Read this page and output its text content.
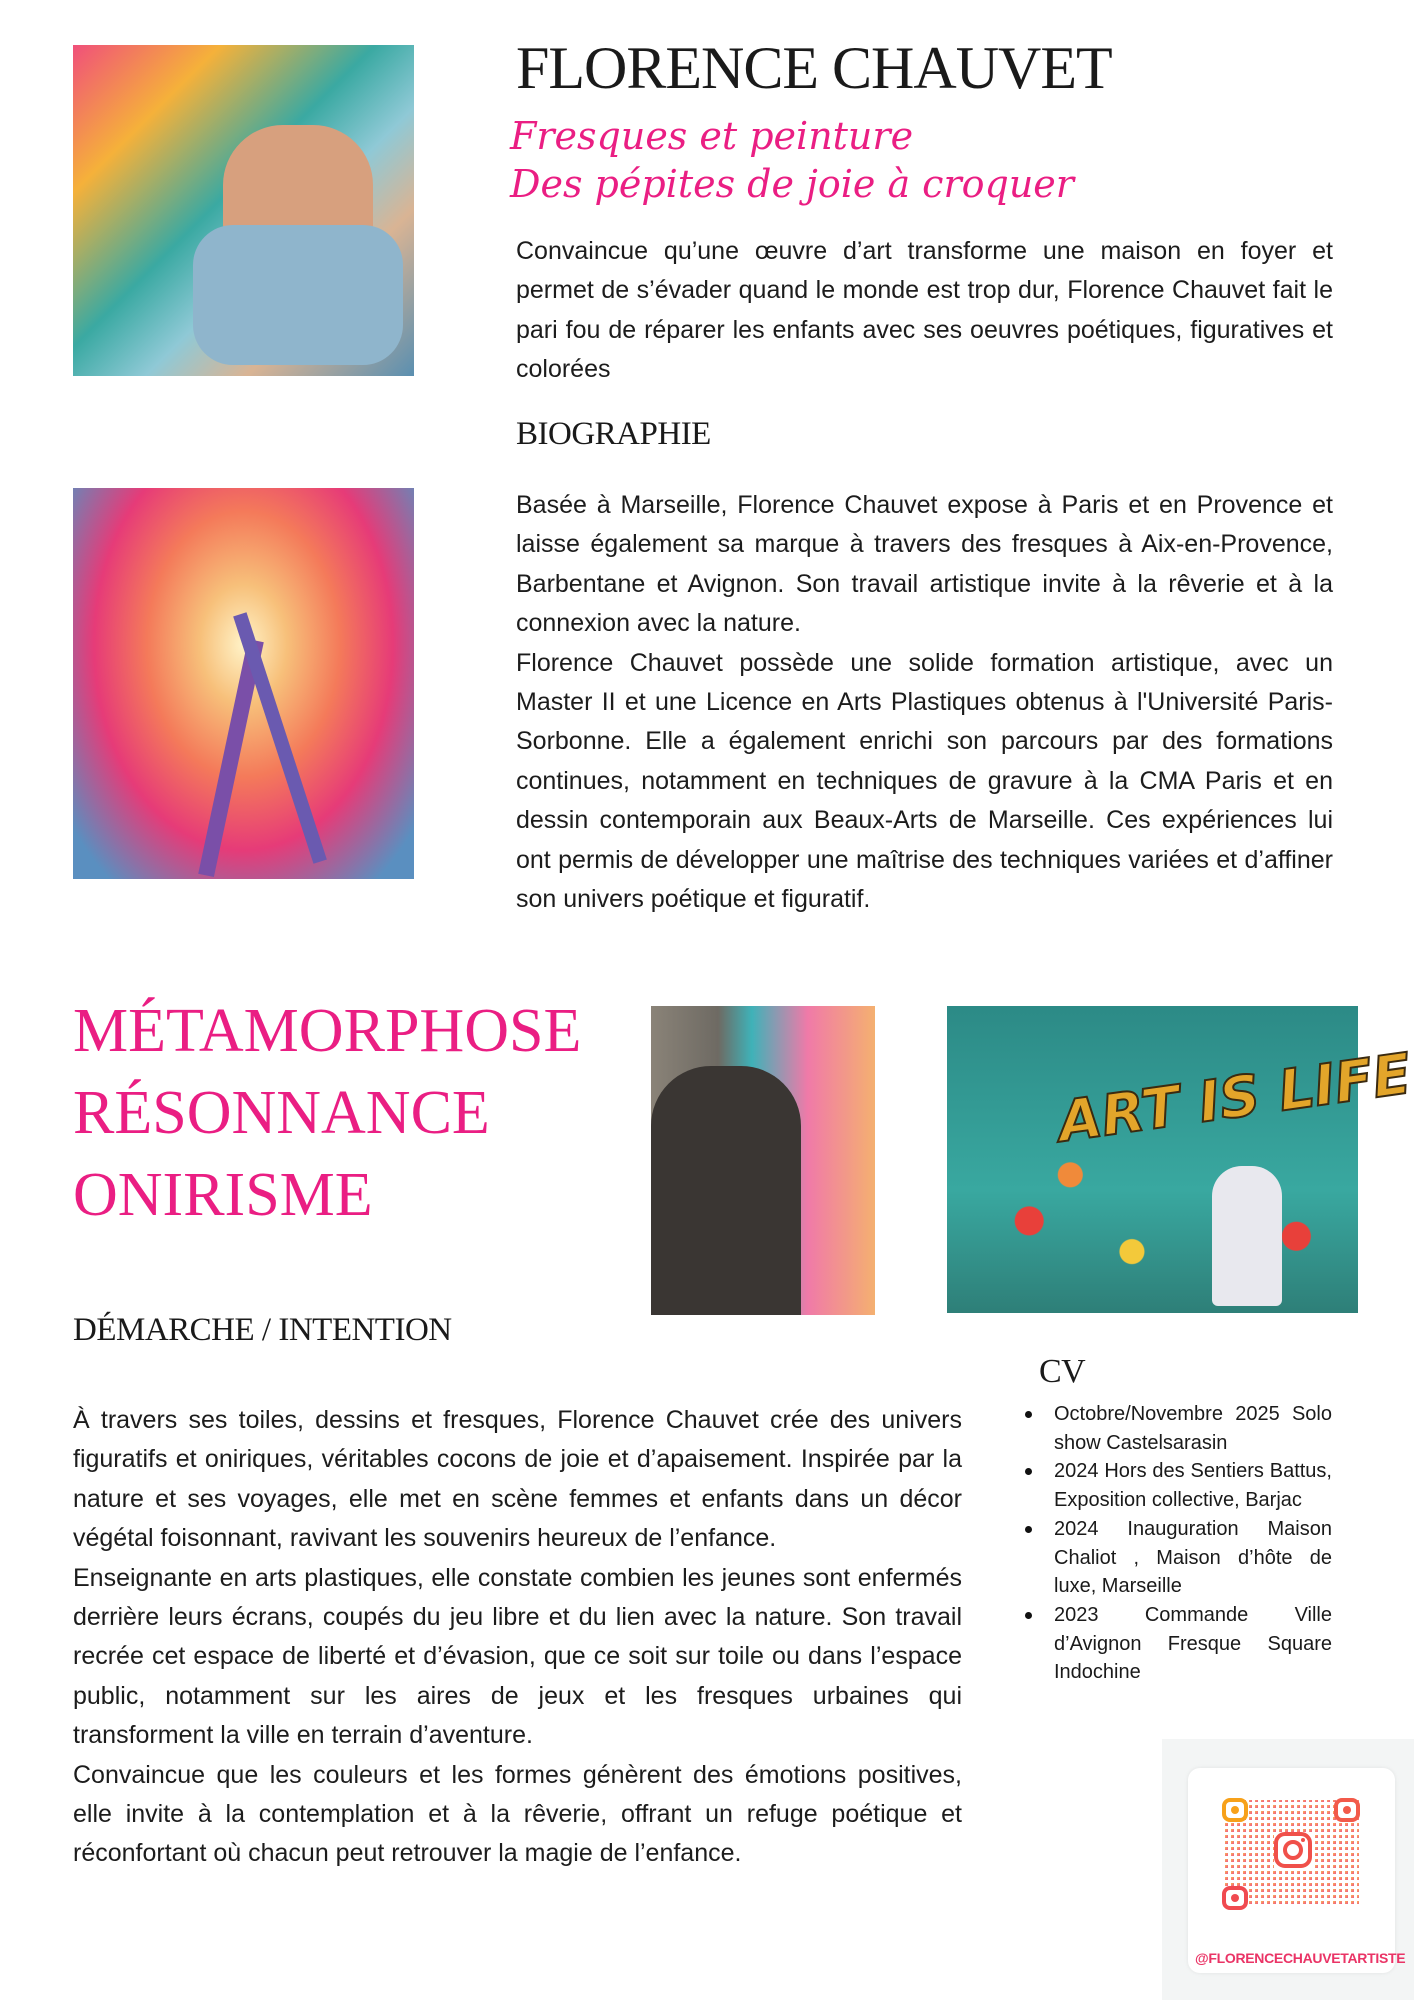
FLORENCE CHAUVET
Fresques et peinture
Des pépites de joie à croquer

Convaincue qu’une œuvre d’art transforme une maison en foyer et permet de s’évader quand le monde est trop dur, Florence Chauvet fait le pari fou de réparer les enfants avec ses oeuvres poétiques, figuratives et colorées

BIOGRAPHIE

Basée à Marseille, Florence Chauvet expose à Paris et en Provence et laisse également sa marque à travers des fresques à Aix-en-Provence, Barbentane et Avignon. Son travail artistique invite à la rêverie et à la connexion avec la nature.

Florence Chauvet possède une solide formation artistique, avec un Master II et une Licence en Arts Plastiques obtenus à l'Université Paris-Sorbonne. Elle a également enrichi son parcours par des formations continues, notamment en techniques de gravure à la CMA Paris et en dessin contemporain aux Beaux-Arts de Marseille. Ces expériences lui ont permis de développer une maîtrise des techniques variées et d’affiner son univers poétique et figuratif.

MÉTAMORPHOSE
RÉSONNANCE
ONIRISME
ART IS LIFE
DÉMARCHE / INTENTION

À travers ses toiles, dessins et fresques, Florence Chauvet crée des univers figuratifs et oniriques, véritables cocons de joie et d’apaisement. Inspirée par la nature et ses voyages, elle met en scène femmes et enfants dans un décor végétal foisonnant, ravivant les souvenirs heureux de l’enfance.

Enseignante en arts plastiques, elle constate combien les jeunes sont enfermés derrière leurs écrans, coupés du jeu libre et du lien avec la nature. Son travail recrée cet espace de liberté et d’évasion, que ce soit sur toile ou dans l’espace public, notamment sur les aires de jeux et les fresques urbaines qui transforment la ville en terrain d’aventure.

Convaincue que les couleurs et les formes génèrent des émotions positives, elle invite à la contemplation et à la rêverie, offrant un refuge poétique et réconfortant où chacun peut retrouver la magie de l’enfance.

CV
Octobre/Novembre 2025 Solo show Castelsarasin
2024 Hors des Sentiers Battus, Exposition collective, Barjac
2024 Inauguration Maison Chaliot , Maison d’hôte de luxe, Marseille
2023 Commande Ville d’Avignon Fresque Square Indochine
@FLORENCECHAUVETARTISTE
